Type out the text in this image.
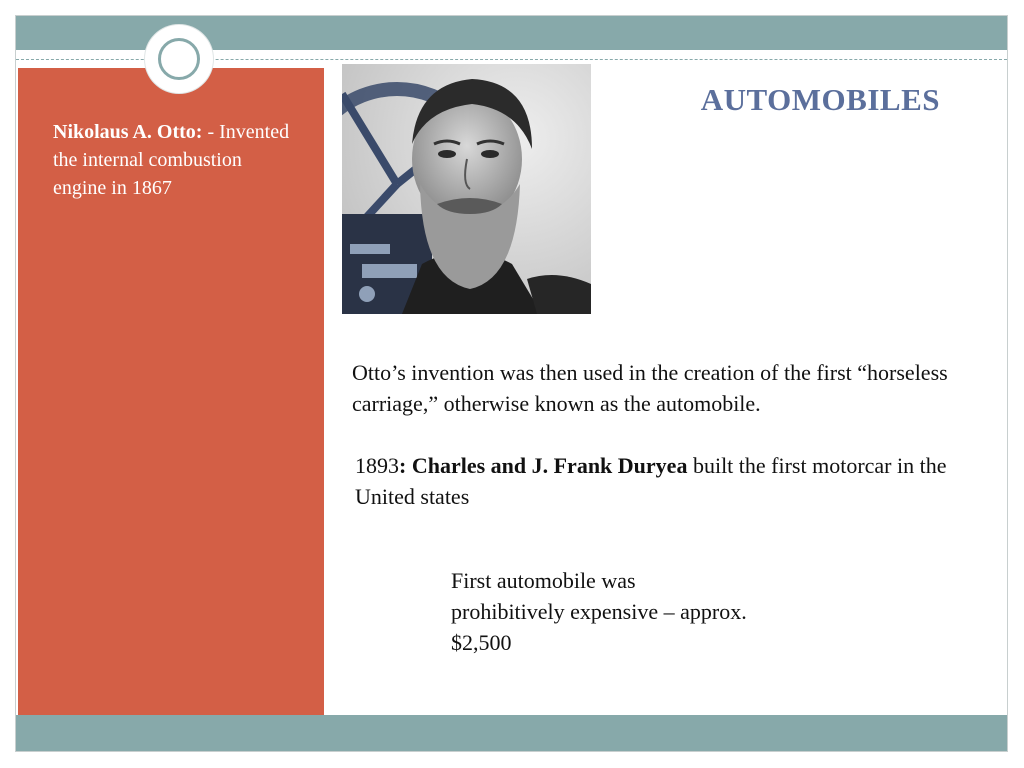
Nikolaus A. Otto: - Invented the internal combustion engine in 1867
AUTOMOBILES
Otto’s invention was then used in the creation of the first “horseless carriage,” otherwise known as the automobile.
1893: Charles and J. Frank Duryea built the first motorcar in the United states
First automobile was prohibitively expensive – approx. $2,500
